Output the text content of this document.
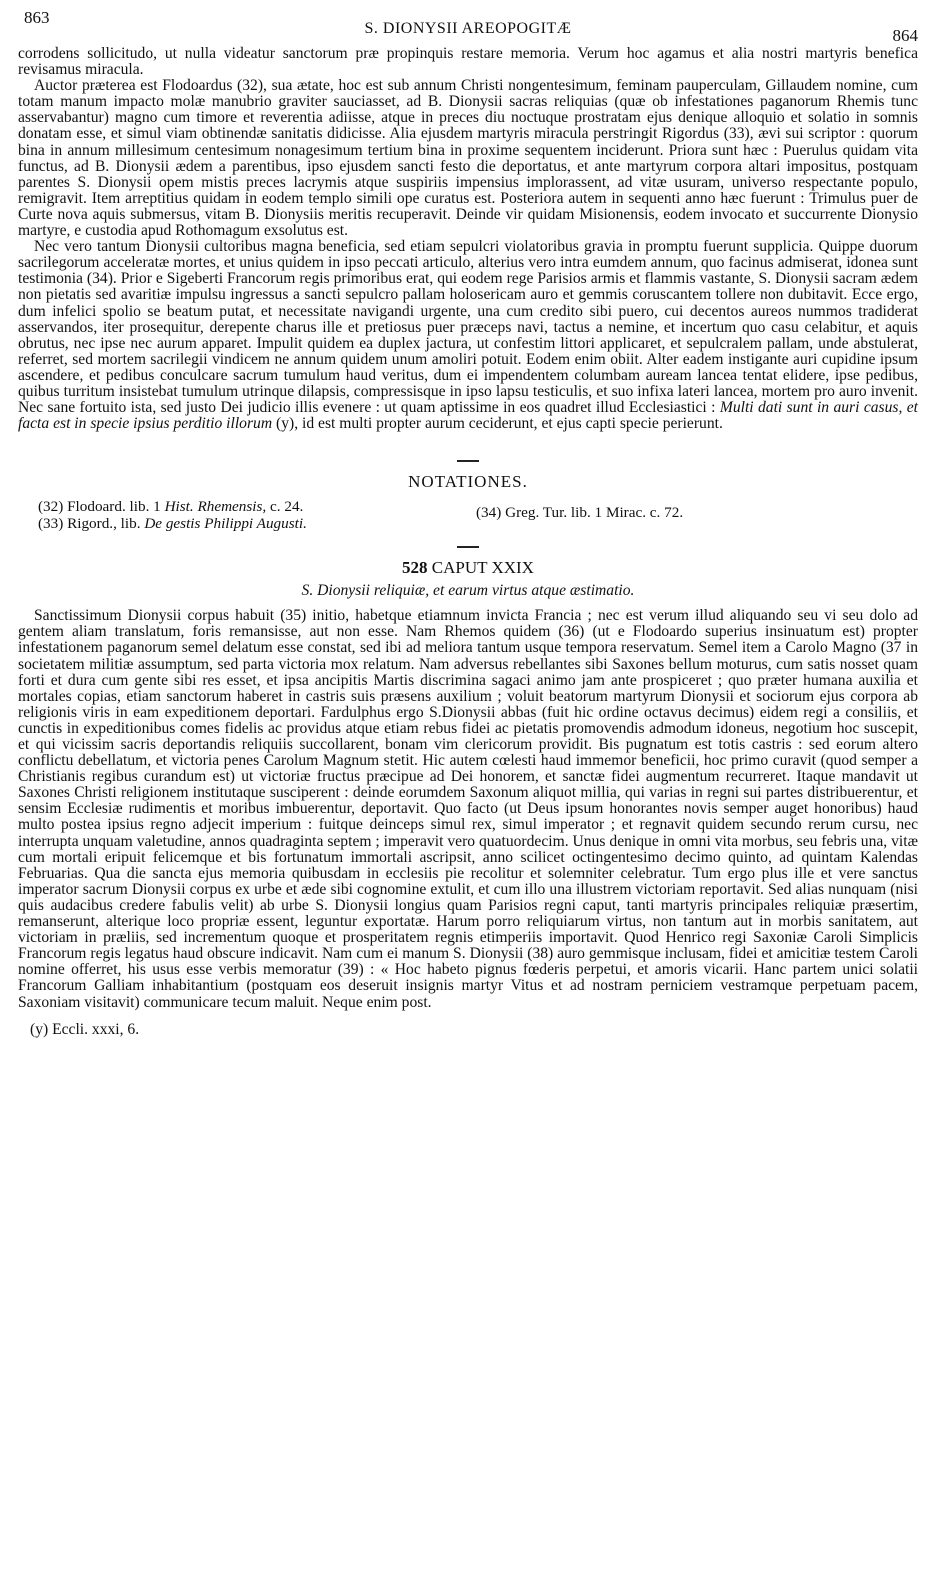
863
S. DIONYSII AREOPOGITÆ	864

corrodens sollicitudo, ut nulla videatur sanctorum præ propinquis restare memoria. Verum hoc agamus et alia nostri martyris benefica revisamus miracula.

Auctor præterea est Flodoardus (32), sua ætate, hoc est sub annum Christi nongentesimum, feminam pauperculam, Gillaudem nomine, cum totam manum impacto molæ manubrio graviter sauciasset, ad B. Dionysii sacras reliquias (quæ ob infestationes paganorum Rhemis tunc asservabantur) magno cum timore et reverentia adiisse, atque in preces diu noctuque prostratam ejus denique alloquio et solatio in somnis donatam esse, et simul viam obtinendæ sanitatis didicisse. Alia ejusdem martyris miracula perstringit Rigordus (33), ævi sui scriptor : quorum bina in annum millesimum centesimum nonagesimum tertium bina in proxime sequentem inciderunt. Priora sunt hæc : Puerulus quidam vita functus, ad B. Dionysii ædem a parentibus, ipso ejusdem sancti festo die deportatus, et ante martyrum corpora altari impositus, postquam parentes S. Dionysii opem mistis preces lacrymis atque suspiriis impensius implorassent, ad vitæ usuram, universo respectante populo, remigravit. Item arreptitius quidam in eodem templo simili ope curatus est. Posteriora autem in sequenti anno hæc fuerunt : Trimulus puer de Curte nova aquis submersus, vitam B. Dionysiis meritis recuperavit. Deinde vir quidam Misionensis, eodem invocato et succurrente Dionysio martyre, e custodia apud Rothomagum exsolutus est.

Nec vero tantum Dionysii cultoribus magna beneficia, sed etiam sepulcri violatoribus gravia in promptu fuerunt supplicia. Quippe duorum sacrilegorum acceleratæ mortes, et unius quidem in ipso peccati articulo, alterius vero intra eumdem annum, quo facinus admiserat, idonea sunt testimonia (34). Prior e Sigeberti Francorum regis primoribus erat, qui eodem rege Parisios armis et flammis vastante, S. Dionysii sacram ædem non pietatis sed avaritiæ impulsu ingressus a sancti sepulcro pallam holosericam auro et gemmis coruscantem tollere non dubitavit. Ecce ergo, dum infelici spolio se beatum putat, et necessitate navigandi urgente, una cum credito sibi puero, cui decentos aureos nummos tradiderat asservandos, iter prosequitur, derepente charus ille et pretiosus puer præceps navi, tactus a nemine, et incertum quo casu celabitur, et aquis obrutus, nec ipse nec aurum apparet. Impulit quidem ea duplex jactura, ut confestim littori applicaret, et sepulcralem pallam, unde abstulerat, referret, sed mortem sacrilegii vindicem ne annum quidem unum amoliri potuit. Eodem enim obiit. Alter eadem instigante auri cupidine ipsum ascendere, et pedibus conculcare sacrum tumulum haud veritus, dum ei impendentem columbam auream lancea tentat elidere, ipse pedibus, quibus turritum insistebat tumulum utrinque dilapsis, compressisque in ipso lapsu testiculis, et suo infixa lateri lancea, mortem pro auro invenit. Nec sane fortuito ista, sed justo Dei judicio illis evenere : ut quam aptissime in eos quadret illud Ecclesiastici : Multi dati sunt in auri casus, et facta est in specie ipsius perditio illorum (y), id est multi propter aurum ceciderunt, et ejus capti specie perierunt.

NOTATIONES.
(32) Flodoard. lib. 1 Hist. Rhemensis, c. 24.
(33) Rigord., lib. De gestis Philippi Augusti.
(34) Greg. Tur. lib. 1 Mirac. c. 72.
528 CAPUT XXIX
S. Dionysii reliquiæ, et earum virtus atque æstimatio.

Sanctissimum Dionysii corpus habuit (35) initio, habetque etiamnum invicta Francia ; nec est verum illud aliquando seu vi seu dolo ad gentem aliam translatum, foris remansisse, aut non esse. Nam Rhemos quidem (36) (ut e Flodoardo superius insinuatum est) propter infestationem paganorum semel delatum esse constat, sed ibi ad meliora tantum usque tempora reservatum. Semel item a Carolo Magno (37 in societatem militiæ assumptum, sed parta victoria mox relatum. Nam adversus rebellantes sibi Saxones bellum moturus, cum satis nosset quam forti et dura cum gente sibi res esset, et ipsa ancipitis Martis discrimina sagaci animo jam ante prospiceret ; quo præter humana auxilia et mortales copias, etiam sanctorum haberet in castris suis præsens auxilium ; voluit beatorum martyrum Dionysii et sociorum ejus corpora ab religionis viris in eam expeditionem deportari. Fardulphus ergo S.Dionysii abbas (fuit hic ordine octavus decimus) eidem regi a consiliis, et cunctis in expeditionibus comes fidelis ac providus atque etiam rebus fidei ac pietatis promovendis admodum idoneus, negotium hoc suscepit, et qui vicissim sacris deportandis reliquiis succollarent, bonam vim clericorum providit. Bis pugnatum est totis castris : sed eorum altero conflictu debellatum, et victoria penes Carolum Magnum stetit. Hic autem cœlesti haud immemor beneficii, hoc primo curavit (quod semper a Christianis regibus curandum est) ut victoriæ fructus præcipue ad Dei honorem, et sanctæ fidei augmentum recurreret. Itaque mandavit ut Saxones Christi religionem institutaque susciperent : deinde eorumdem Saxonum aliquot millia, qui varias in regni sui partes distribuerentur, et sensim Ecclesiæ rudimentis et moribus imbuerentur, deportavit. Quo facto (ut Deus ipsum honorantes novis semper auget honoribus) haud multo postea ipsius regno adjecit imperium : fuitque deinceps simul rex, simul imperator ; et regnavit quidem secundo rerum cursu, nec interrupta unquam valetudine, annos quadraginta septem ; imperavit vero quatuordecim. Unus denique in omni vita morbus, seu febris una, vitæ cum mortali eripuit felicemque et bis fortunatum immortali ascripsit, anno scilicet octingentesimo decimo quinto, ad quintam Kalendas Februarias. Qua die sancta ejus memoria quibusdam in ecclesiis pie recolitur et solemniter celebratur. Tum ergo plus ille et vere sanctus imperator sacrum Dionysii corpus ex urbe et æde sibi cognomine extulit, et cum illo una illustrem victoriam reportavit. Sed alias nunquam (nisi quis audacibus credere fabulis velit) ab urbe S. Dionysii longius quam Parisios regni caput, tanti martyris principales reliquiæ præsertim, remanserunt, alterique loco propriæ essent, leguntur exportatæ. Harum porro reliquiarum virtus, non tantum aut in morbis sanitatem, aut victoriam in præliis, sed incrementum quoque et prosperitatem regnis etimperiis importavit. Quod Henrico regi Saxoniæ Caroli Simplicis Francorum regis legatus haud obscure indicavit. Nam cum ei manum S. Dionysii (38) auro gemmisque inclusam, fidei et amicitiæ testem Caroli nomine offerret, his usus esse verbis memoratur (39) : « Hoc habeto pignus fœderis perpetui, et amoris vicarii. Hanc partem unici solatii Francorum Galliam inhabitantium (postquam eos deseruit insignis martyr Vitus et ad nostram perniciem vestramque perpetuam pacem, Saxoniam visitavit) communicare tecum maluit. Neque enim post.

(y) Eccli. xxxi, 6.
